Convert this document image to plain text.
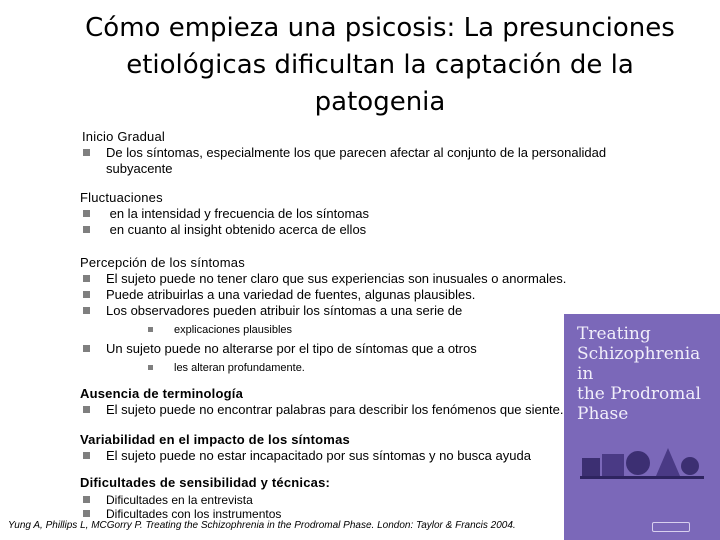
Cómo empieza una psicosis: La presunciones etiológicas dificultan la captación de la patogenia
Treating
Schizophrenia in
the Prodromal
Phase
Inicio Gradual
De los síntomas, especialmente los que parecen afectar al conjunto de la personalidad
subyacente
Fluctuaciones
en la intensidad y frecuencia de los síntomas
en cuanto al insight obtenido acerca de ellos
Percepción de los síntomas
El sujeto puede no tener claro que sus experiencias son inusuales o anormales.
Puede atribuirlas a una variedad de fuentes, algunas plausibles.
Los observadores pueden atribuir los síntomas a una serie de
explicaciones plausibles
Un sujeto puede no alterarse por el tipo de síntomas que a otros
les alteran profundamente.
Ausencia de terminología
El sujeto puede no encontrar palabras para describir los fenómenos que siente.
Variabilidad en el impacto de los síntomas
El sujeto puede no estar incapacitado por sus síntomas y no busca ayuda
Dificultades de sensibilidad y técnicas:
Dificultades en la entrevista
Dificultades con los instrumentos
Yung A, Phillips L, MCGorry P. Treating the Schizophrenia in the Prodromal Phase. London: Taylor & Francis 2004.
